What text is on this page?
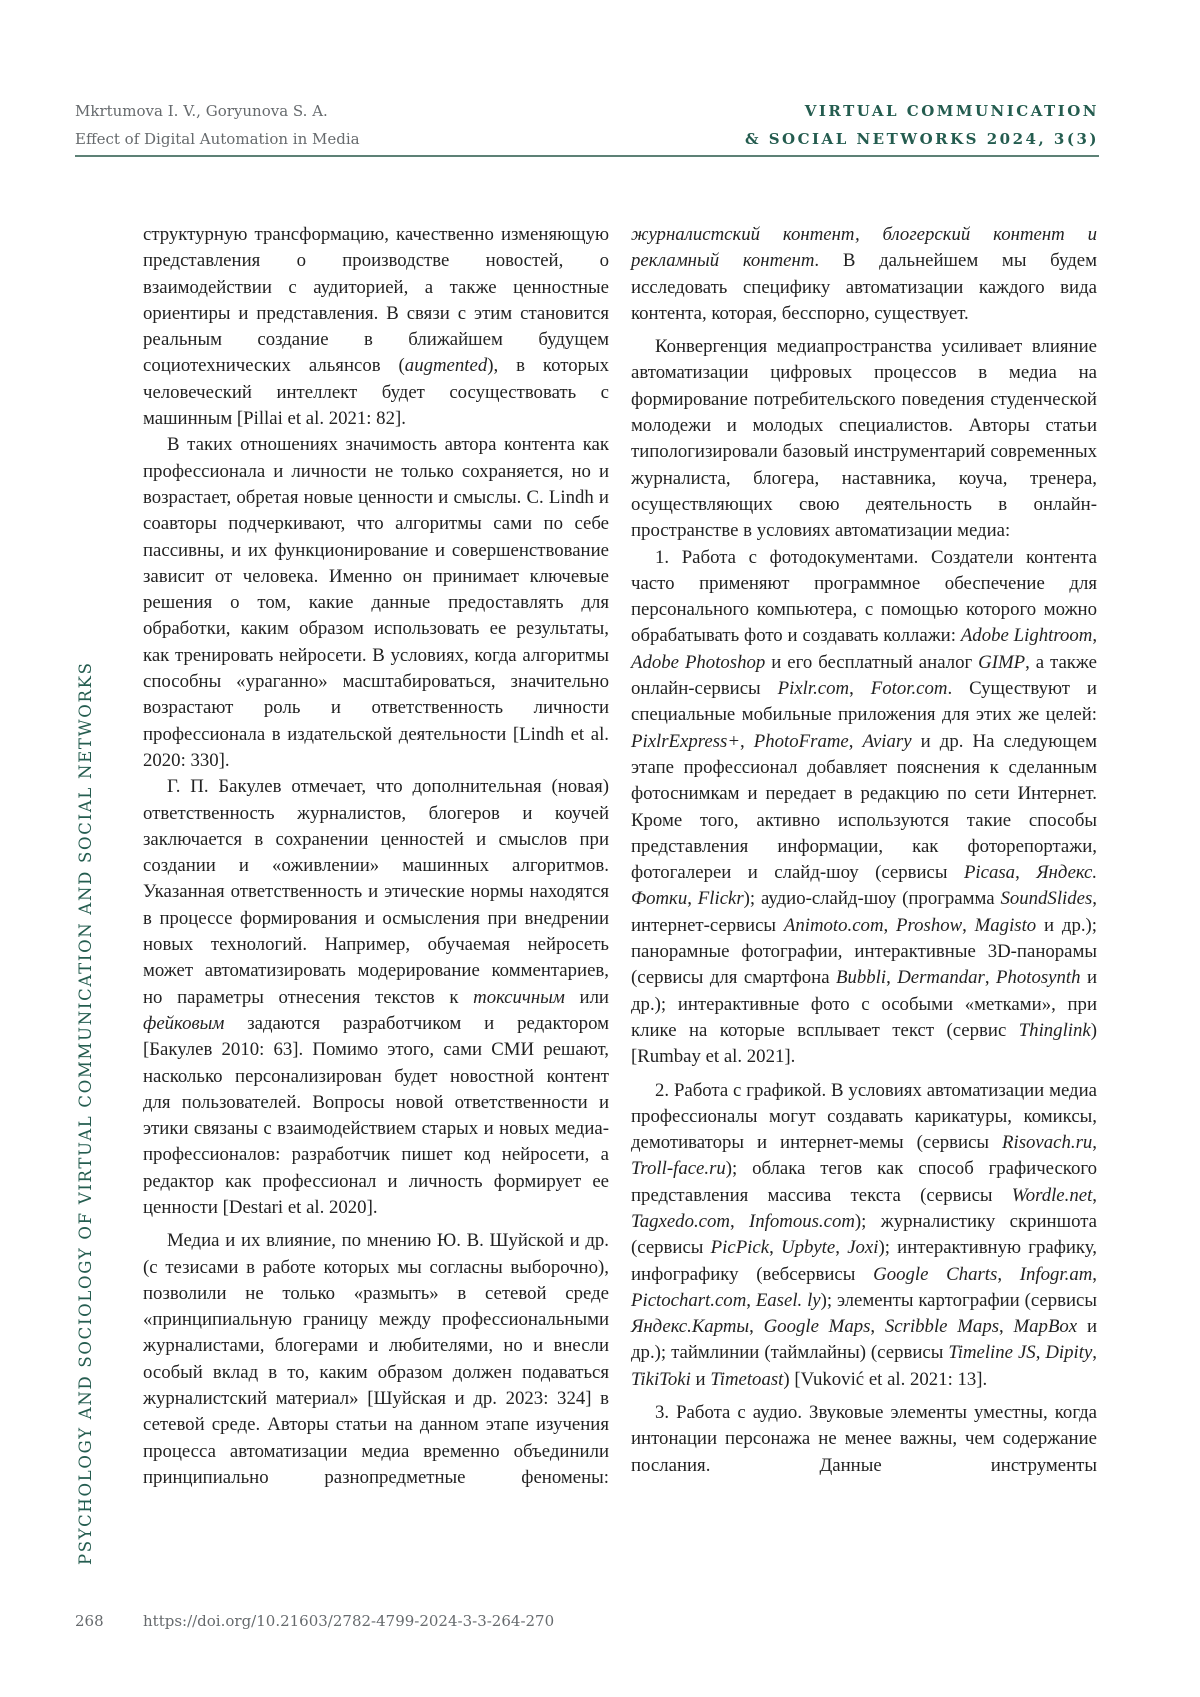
Mkrtumova I. V., Goryunova S. A.
Effect of Digital Automation in Media
VIRTUAL COMMUNICATION
& SOCIAL NETWORKS 2024, 3(3)
PSYCHOLOGY AND SOCIOLOGY OF VIRTUAL COMMUNICATION AND SOCIAL NETWORKS

структурную трансформацию, качественно изменяющую представления о производстве новостей, о взаимодействии с аудиторией, а также ценностные ориентиры и представления. В связи с этим становится реальным создание в ближайшем будущем социотехнических альянсов (augmented), в которых человеческий интеллект будет сосуществовать с машинным [Pillai et al. 2021: 82].

В таких отношениях значимость автора контента как профессионала и личности не только сохраняется, но и возрастает, обретая новые ценности и смыслы. C. Lindh и соавторы подчеркивают, что алгоритмы сами по себе пассивны, и их функционирование и совершенствование зависит от человека. Именно он принимает ключевые решения о том, какие данные предоставлять для обработки, каким образом использовать ее результаты, как тренировать нейросети. В условиях, когда алгоритмы способны «ураганно» масштабироваться, значительно возрастают роль и ответственность личности профессионала в издательской деятельности [Lindh et al. 2020: 330].

Г. П. Бакулев отмечает, что дополнительная (новая) ответственность журналистов, блогеров и коучей заключается в сохранении ценностей и смыслов при создании и «оживлении» машинных алгоритмов. Указанная ответственность и этические нормы находятся в процессе формирования и осмысления при внедрении новых технологий. Например, обучаемая нейросеть может автоматизировать модерирование комментариев, но параметры отнесения текстов к токсичным или фейковым задаются разработчиком и редактором [Бакулев 2010: 63]. Помимо этого, сами СМИ решают, насколько персонализирован будет новостной контент для пользователей. Вопросы новой ответственности и этики связаны с взаимодействием старых и новых медиапрофессионалов: разработчик пишет код нейросети, а редактор как профессионал и личность формирует ее ценности [Destari et al. 2020].

Медиа и их влияние, по мнению Ю. В. Шуйской и др. (с тезисами в работе которых мы согласны выборочно), позволили не только «размыть» в сетевой среде «принципиальную границу между профессиональными журналистами, блогерами и любителями, но и внесли особый вклад в то, каким образом должен подаваться журналистский материал» [Шуйская и др. 2023: 324] в сетевой среде. Авторы статьи на данном этапе изучения процесса автоматизации медиа временно объединили принципиально разнопредметные феномены:

журналистский контент, блогерский контент и рекламный контент. В дальнейшем мы будем исследовать специфику автоматизации каждого вида контента, которая, бесспорно, существует.

Конвергенция медиапространства усиливает влияние автоматизации цифровых процессов в медиа на формирование потребительского поведения студенческой молодежи и молодых специалистов. Авторы статьи типологизировали базовый инструментарий современных журналиста, блогера, наставника, коуча, тренера, осуществляющих свою деятельность в онлайн-пространстве в условиях автоматизации медиа:

1. Работа с фотодокументами. Создатели контента часто применяют программное обеспечение для персонального компьютера, с помощью которого можно обрабатывать фото и создавать коллажи: Adobe Lightroom, Adobe Photoshop и его бесплатный аналог GIMP, а также онлайн-сервисы Pixlr.com, Fotor.com. Существуют и специальные мобильные приложения для этих же целей: PixlrExpress+, PhotoFrame, Aviary и др. На следующем этапе профессионал добавляет пояснения к сделанным фотоснимкам и передает в редакцию по сети Интернет. Кроме того, активно используются такие способы представления информации, как фоторепортажи, фотогалереи и слайд-шоу (сервисы Picasa, Яндекс. Фотки, Flickr); аудио-слайд-шоу (программа SoundSlides, интернет-сервисы Animoto.com, Proshow, Magisto и др.); панорамные фотографии, интерактивные 3D-панорамы (сервисы для смартфона Bubbli, Dermandar, Photosynth и др.); интерактивные фото с особыми «метками», при клике на которые всплывает текст (сервис Thinglink) [Rumbay et al. 2021].

2. Работа с графикой. В условиях автоматизации медиа профессионалы могут создавать карикатуры, комиксы, демотиваторы и интернет-мемы (сервисы Risovach.ru, Troll-face.ru); облака тегов как способ графического представления массива текста (сервисы Wordle.net, Tagxedo.com, Infomous.com); журналистику скриншота (сервисы PicPick, Upbyte, Joxi); интерактивную графику, инфографику (вебсервисы Google Charts, Infogr.am, Pictochart.com, Easel. ly); элементы картографии (сервисы Яндекс.Карты, Google Maps, Scribble Maps, MapBox и др.); таймлинии (таймлайны) (сервисы Timeline JS, Dipity, TikiToki и Timetoast) [Vuković et al. 2021: 13].

3. Работа с аудио. Звуковые элементы уместны, когда интонации персонажа не менее важны, чем содержание послания. Данные инструменты

268	https://doi.org/10.21603/2782-4799-2024-3-3-264-270
